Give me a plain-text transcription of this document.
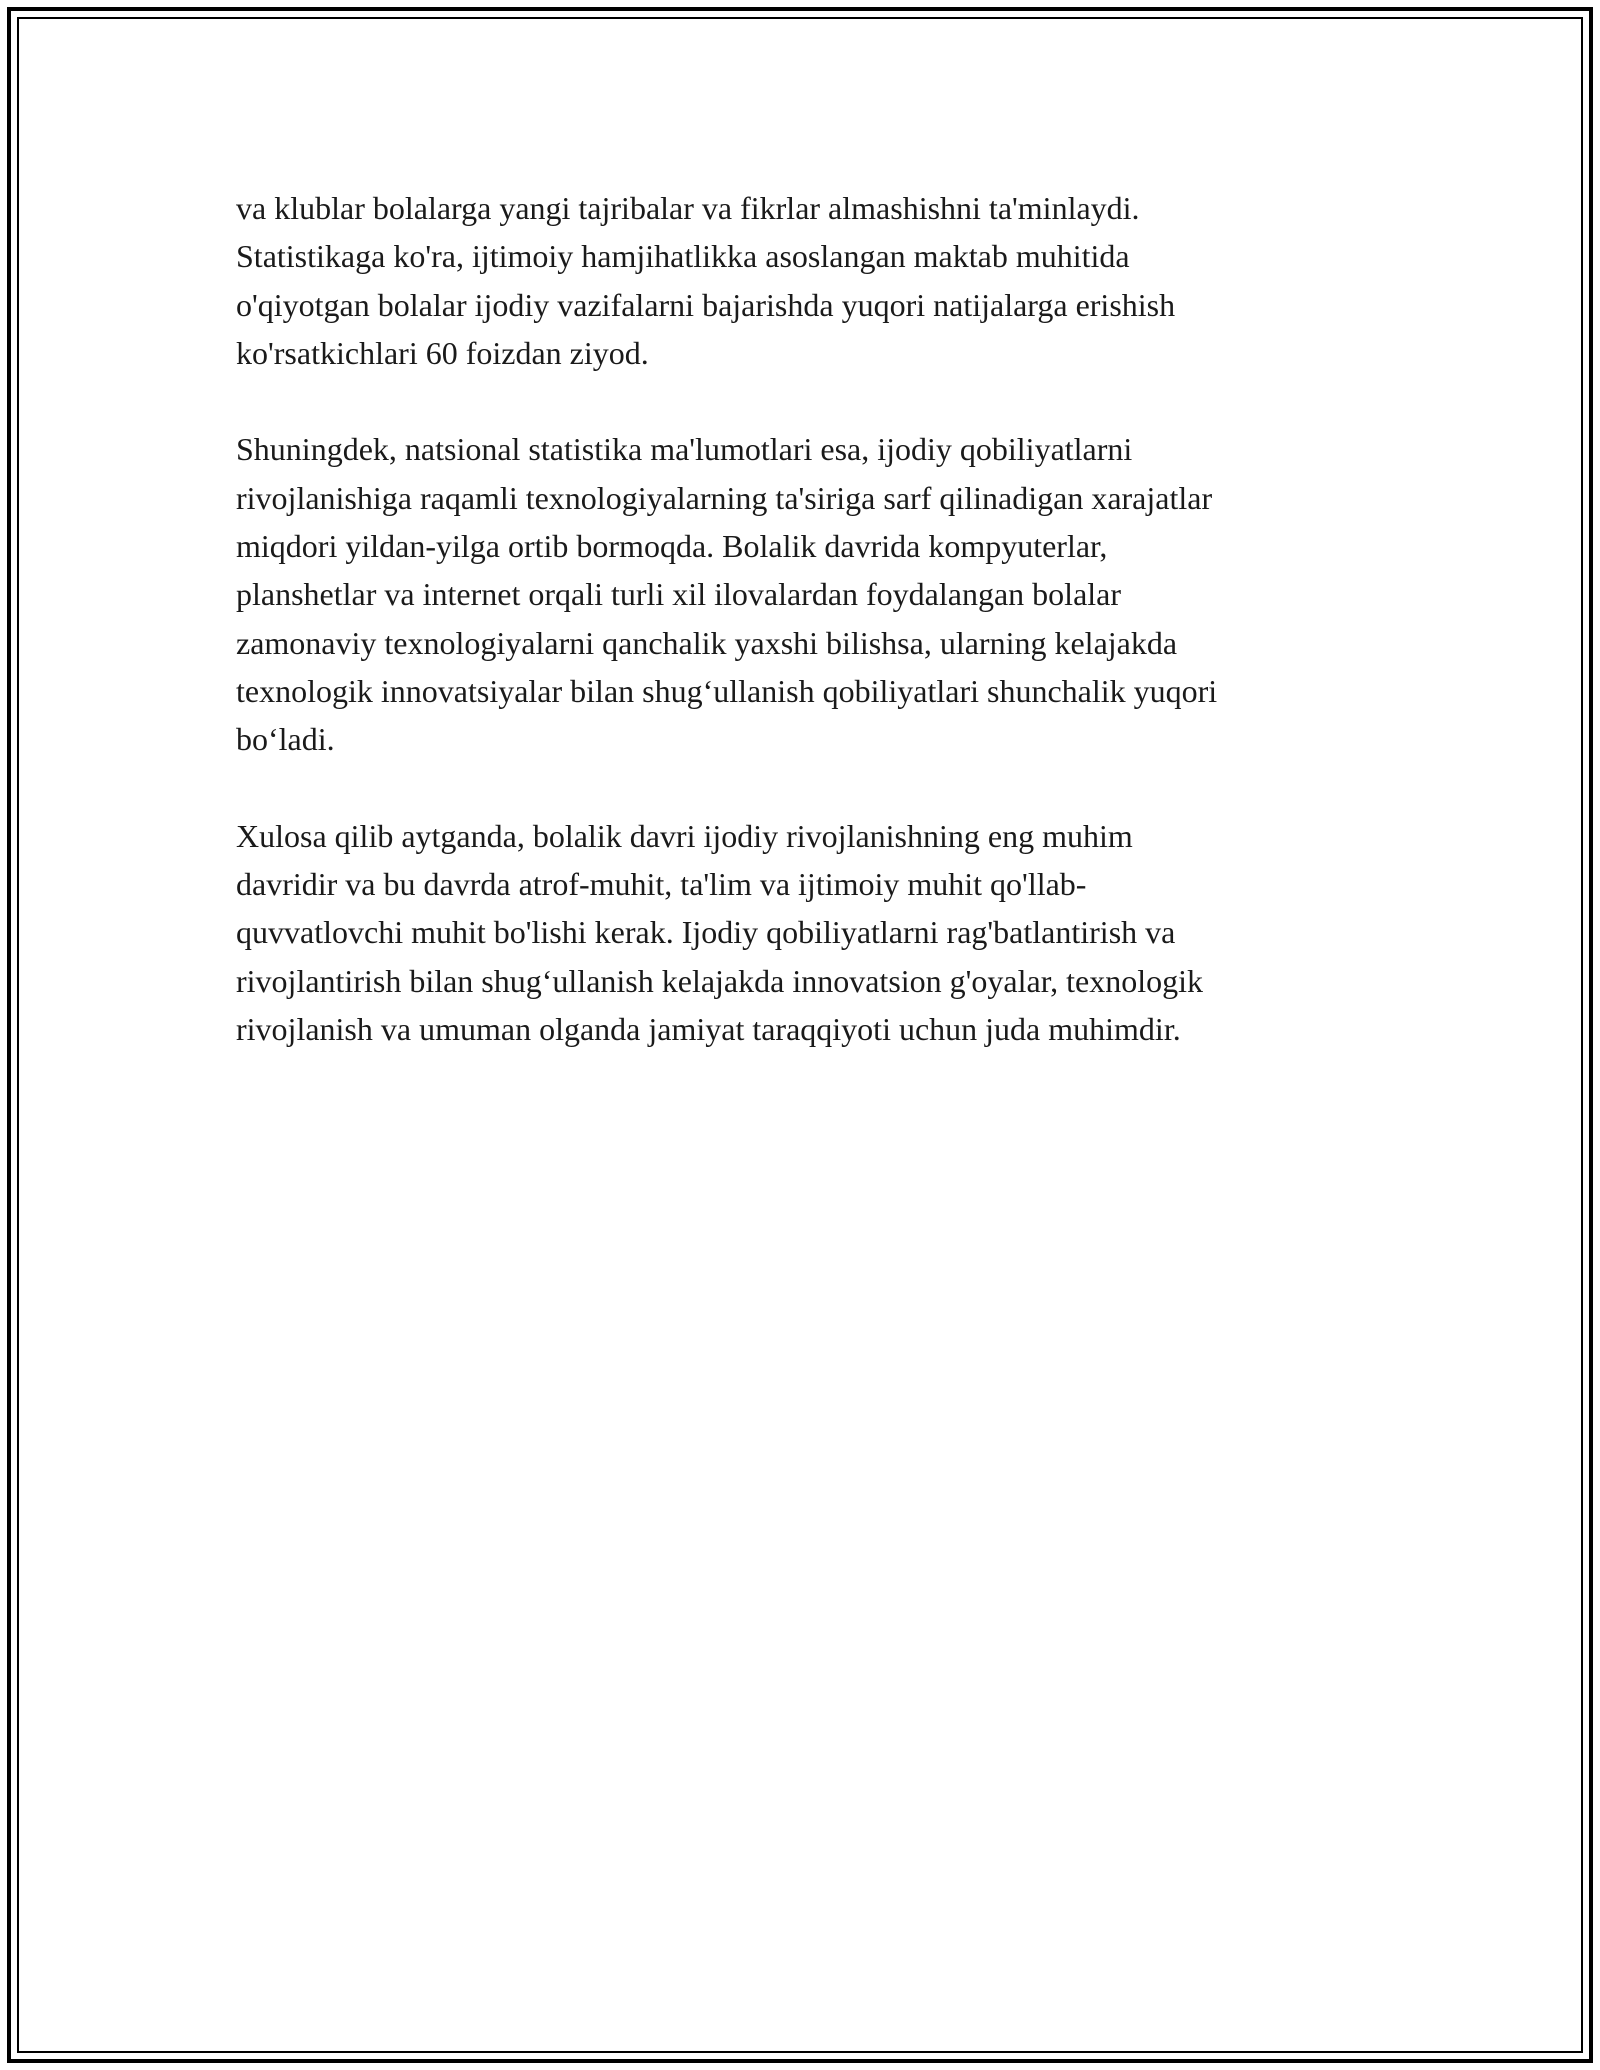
va klublar bolalarga yangi tajribalar va fikrlar almashishni ta'minlaydi.
Statistikaga ko'ra, ijtimoiy hamjihatlikka asoslangan maktab muhitida
o'qiyotgan bolalar ijodiy vazifalarni bajarishda yuqori natijalarga erishish
ko'rsatkichlari 60 foizdan ziyod.

Shuningdek, natsional statistika ma'lumotlari esa, ijodiy qobiliyatlarni
rivojlanishiga raqamli texnologiyalarning ta'siriga sarf qilinadigan xarajatlar
miqdori yildan-yilga ortib bormoqda. Bolalik davrida kompyuterlar,
planshetlar va internet orqali turli xil ilovalardan foydalangan bolalar
zamonaviy texnologiyalarni qanchalik yaxshi bilishsa, ularning kelajakda
texnologik innovatsiyalar bilan shug‘ullanish qobiliyatlari shunchalik yuqori
bo‘ladi.

Xulosa qilib aytganda, bolalik davri ijodiy rivojlanishning eng muhim
davridir va bu davrda atrof-muhit, ta'lim va ijtimoiy muhit qo'llab-
quvvatlovchi muhit bo'lishi kerak. Ijodiy qobiliyatlarni rag'batlantirish va
rivojlantirish bilan shug‘ullanish kelajakda innovatsion g'oyalar, texnologik
rivojlanish va umuman olganda jamiyat taraqqiyoti uchun juda muhimdir.
